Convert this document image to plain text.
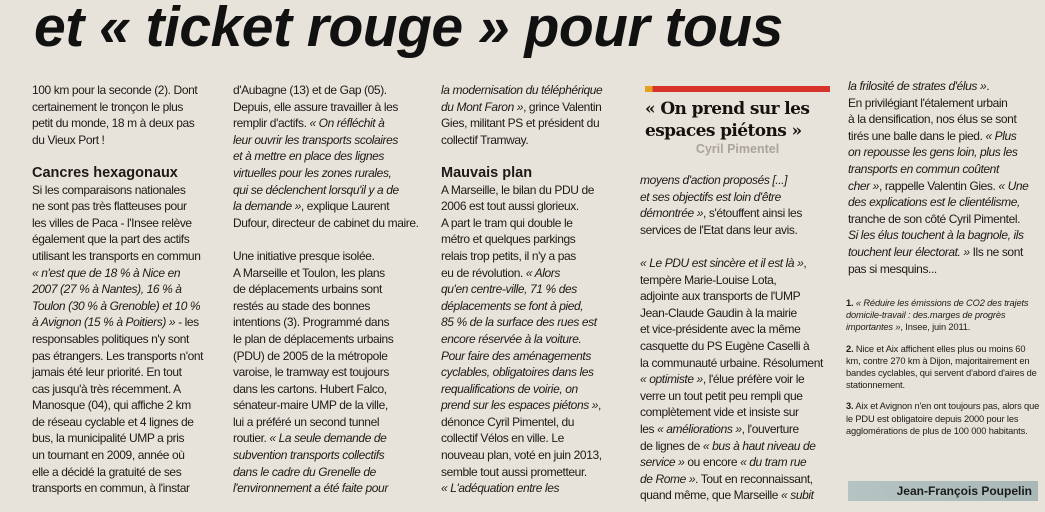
et « ticket rouge » pour tous
100 km pour la seconde (2). Dont
certainement le tronçon le plus
petit du monde, 18 m à deux pas
du Vieux Port !
Cancres hexagonaux
Si les comparaisons nationales
ne sont pas très flatteuses pour
les villes de Paca - l'Insee relève
également que la part des actifs
utilisant les transports en commun
« n'est que de 18 % à Nice en
2007 (27 % à Nantes), 16 % à
Toulon (30 % à Grenoble) et 10 %
à Avignon (15 % à Poitiers) » - les
responsables politiques n'y sont
pas étrangers. Les transports n'ont
jamais été leur priorité. En tout
cas jusqu'à très récemment. A
Manosque (04), qui affiche 2 km
de réseau cyclable et 4 lignes de
bus, la municipalité UMP a pris
un tournant en 2009, année où
elle a décidé la gratuité de ses
transports en commun, à l'instar
d'Aubagne (13) et de Gap (05).
Depuis, elle assure travailler à les
remplir d'actifs. « On réfléchit à
leur ouvrir les transports scolaires
et à mettre en place des lignes
virtuelles pour les zones rurales,
qui se déclenchent lorsqu'il y a de
la demande », explique Laurent
Dufour, directeur de cabinet du maire.
Une initiative presque isolée.
A Marseille et Toulon, les plans
de déplacements urbains sont
restés au stade des bonnes
intentions (3). Programmé dans
le plan de déplacements urbains
(PDU) de 2005 de la métropole
varoise, le tramway est toujours
dans les cartons. Hubert Falco,
sénateur-maire UMP de la ville,
lui a préféré un second tunnel
routier. « La seule demande de
subvention transports collectifs
dans le cadre du Grenelle de
l'environnement a été faite pour
la modernisation du téléphérique
du Mont Faron », grince Valentin
Gies, militant PS et président du
collectif Tramway.
Mauvais plan
A Marseille, le bilan du PDU de
2006 est tout aussi glorieux.
A part le tram qui double le
métro et quelques parkings
relais trop petits, il n'y a pas
eu de révolution. « Alors
qu'en centre-ville, 71 % des
déplacements se font à pied,
85 % de la surface des rues est
encore réservée à la voiture.
Pour faire des aménagements
cyclables, obligatoires dans les
requalifications de voirie, on
prend sur les espaces piétons »,
dénonce Cyril Pimentel, du
collectif Vélos en ville. Le
nouveau plan, voté en juin 2013,
semble tout aussi prometteur.
« L'adéquation entre les
« On prend sur les
espaces piétons »
Cyril Pimentel
moyens d'action proposés [...]
et ses objectifs est loin d'être
démontrée », s'étouffent ainsi les
services de l'Etat dans leur avis.
« Le PDU est sincère et il est là »,
tempère Marie-Louise Lota,
adjointe aux transports de l'UMP
Jean-Claude Gaudin à la mairie
et vice-présidente avec la même
casquette du PS Eugène Caselli à
la communauté urbaine. Résolument
« optimiste », l'élue préfère voir le
verre un tout petit peu rempli que
complètement vide et insiste sur
les « améliorations », l'ouverture
de lignes de « bus à haut niveau de
service » ou encore « du tram rue
de Rome ». Tout en reconnaissant,
quand même, que Marseille « subit
la frilosité de strates d'élus ».
En privilégiant l'étalement urbain
à la densification, nos élus se sont
tirés une balle dans le pied. « Plus
on repousse les gens loin, plus les
transports en commun coûtent
cher », rappelle Valentin Gies. « Une
des explications est le clientélisme,
tranche de son côté Cyril Pimentel.
Si les élus touchent à la bagnole, ils
touchent leur électorat. » Ils ne sont
pas si mesquins...

1. « Réduire les émissions de CO2 des trajets domicile-travail : des.marges de progrès importantes », Insee, juin 2011.

2. Nice et Aix affichent elles plus ou moins 60 km, contre 270 km à Dijon, majoritairement en bandes cyclables, qui servent d'abord d'aires de stationnement.

3. Aix et Avignon n'en ont toujours pas, alors que le PDU est obligatoire depuis 2000 pour les agglomérations de plus de 100 000 habitants.

Jean-François Poupelin
